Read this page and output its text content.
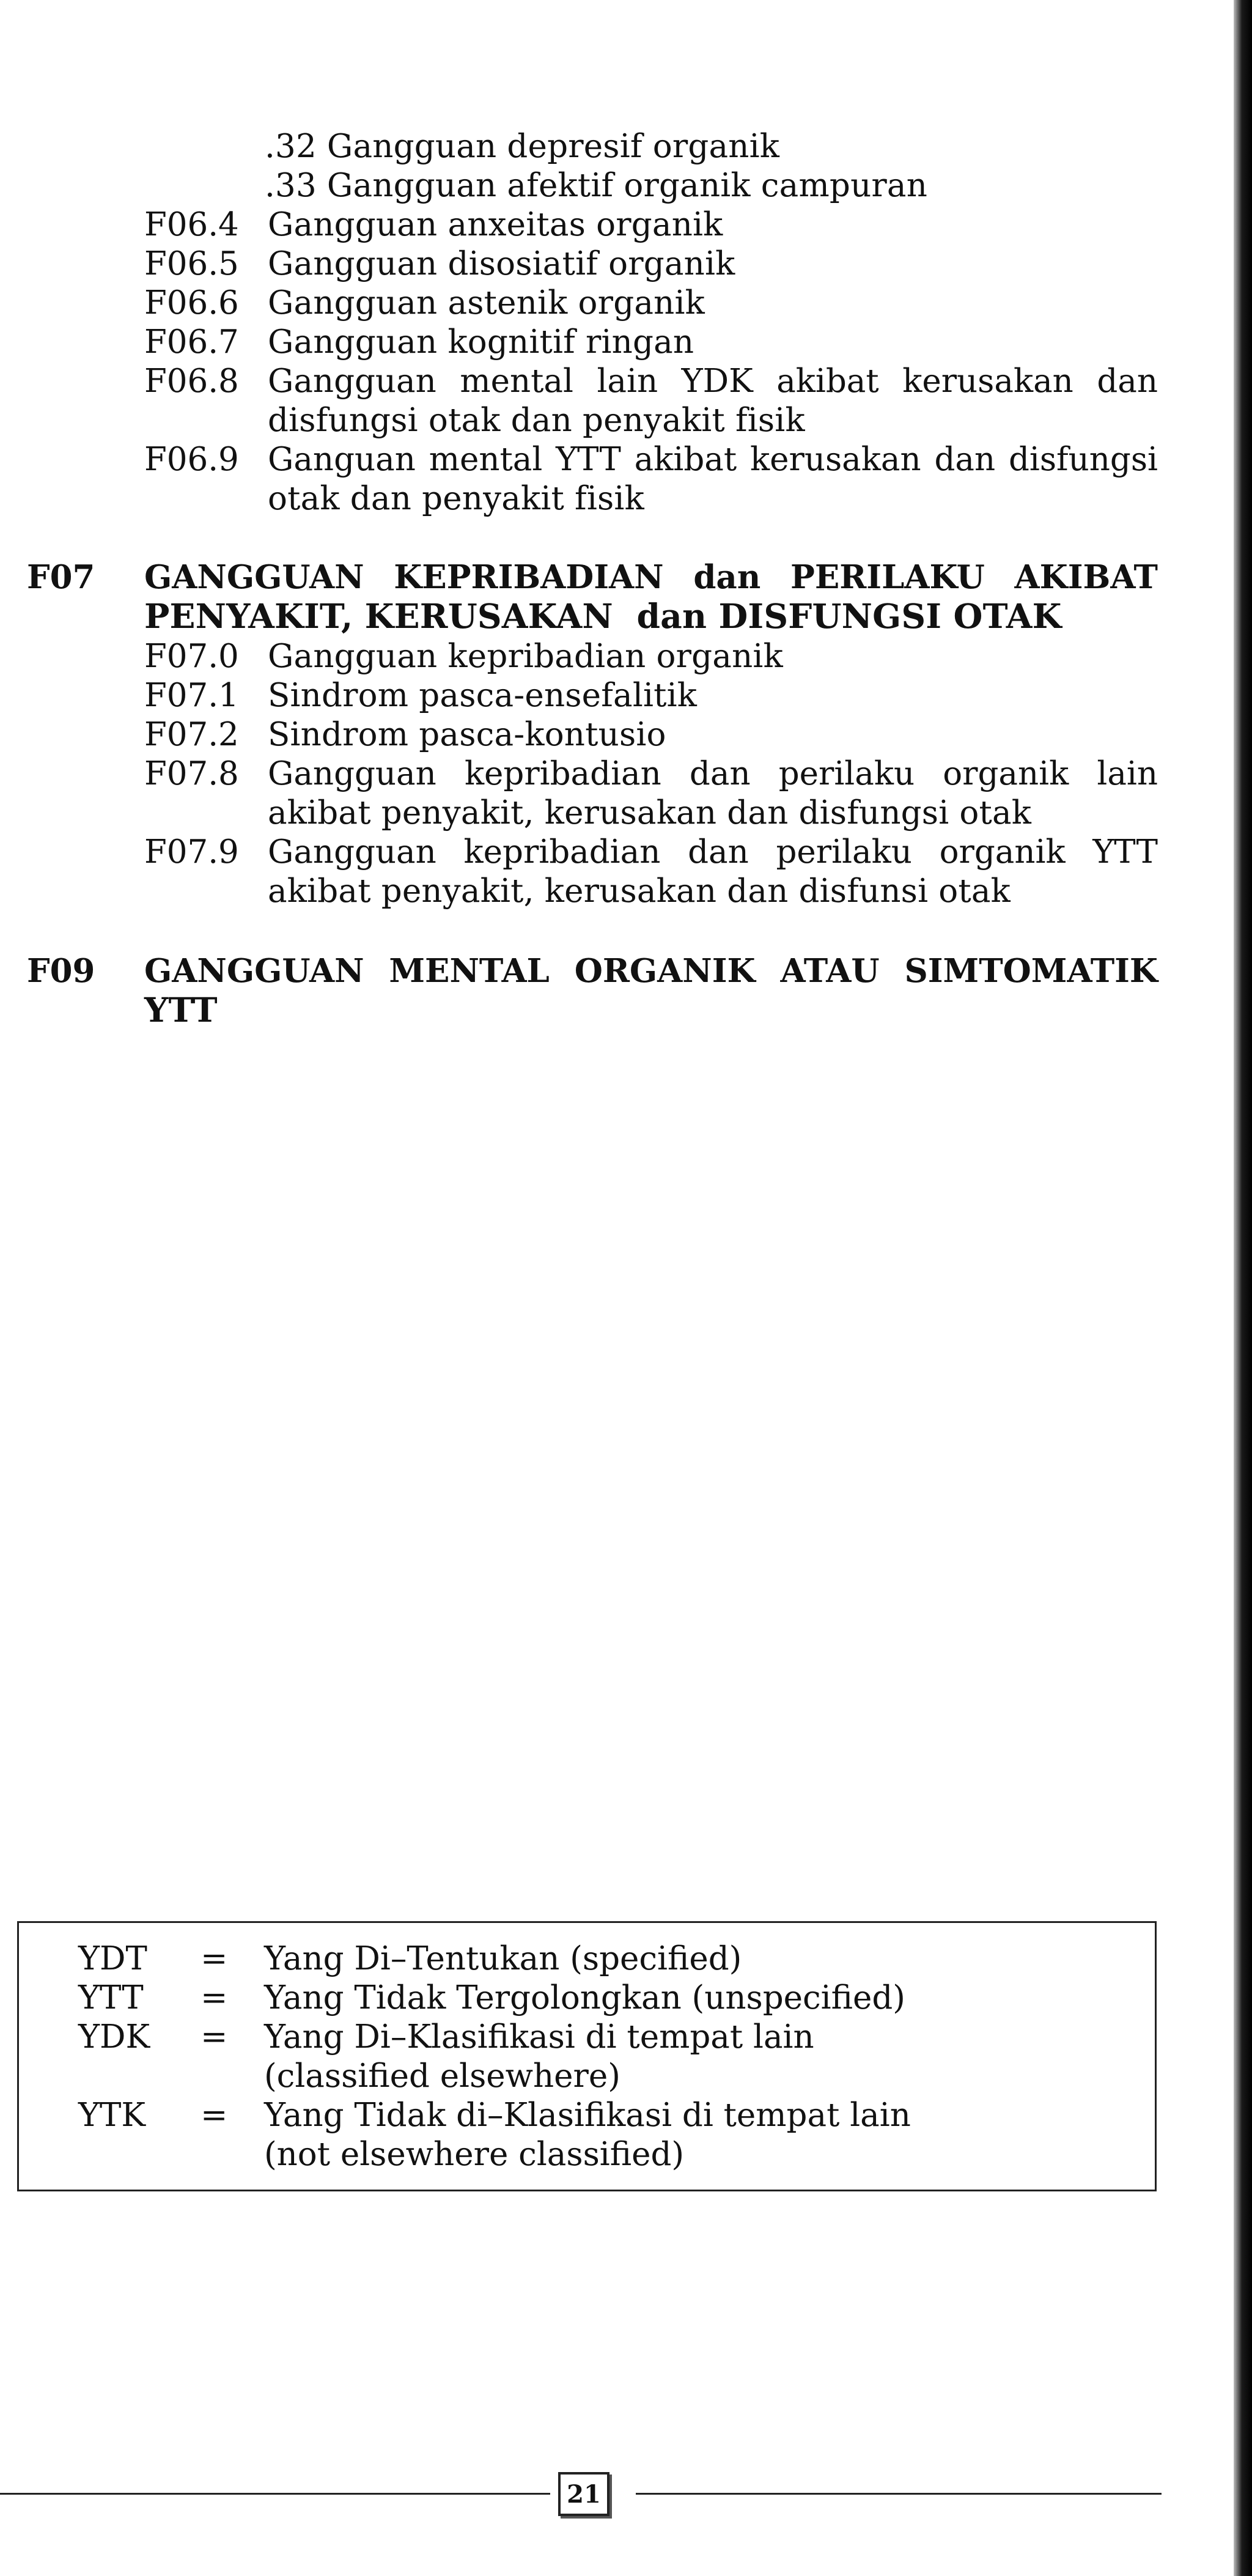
.32 Gangguan depresif organik
.33 Gangguan afektif organik campuran
F06.4 Gangguan anxeitas organik
F06.5 Gangguan disosiatif organik
F06.6 Gangguan astenik organik
F06.7 Gangguan kognitif ringan
F06.8 Gangguan mental lain YDK akibat kerusakan dan
disfungsi otak dan penyakit fisik
F06.9 Ganguan mental YTT akibat kerusakan dan disfungsi
otak dan penyakit fisik
F07 GANGGUAN KEPRIBADIAN dan PERILAKU AKIBAT
PENYAKIT, KERUSAKAN  dan DISFUNGSI OTAK
F07.0 Gangguan kepribadian organik
F07.1 Sindrom pasca-ensefalitik
F07.2 Sindrom pasca-kontusio
F07.8 Gangguan kepribadian dan perilaku organik lain
akibat penyakit, kerusakan dan disfungsi otak
F07.9 Gangguan kepribadian dan perilaku organik YTT
akibat penyakit, kerusakan dan disfunsi otak
F09 GANGGUAN MENTAL ORGANIK ATAU SIMTOMATIK
YTT
YDT = Yang Di–Tentukan (specified)
YTT = Yang Tidak Tergolongkan (unspecified)
YDK = Yang Di–Klasifikasi di tempat lain
(classified elsewhere)
YTK = Yang Tidak di–Klasifikasi di tempat lain
(not elsewhere classified)
21
